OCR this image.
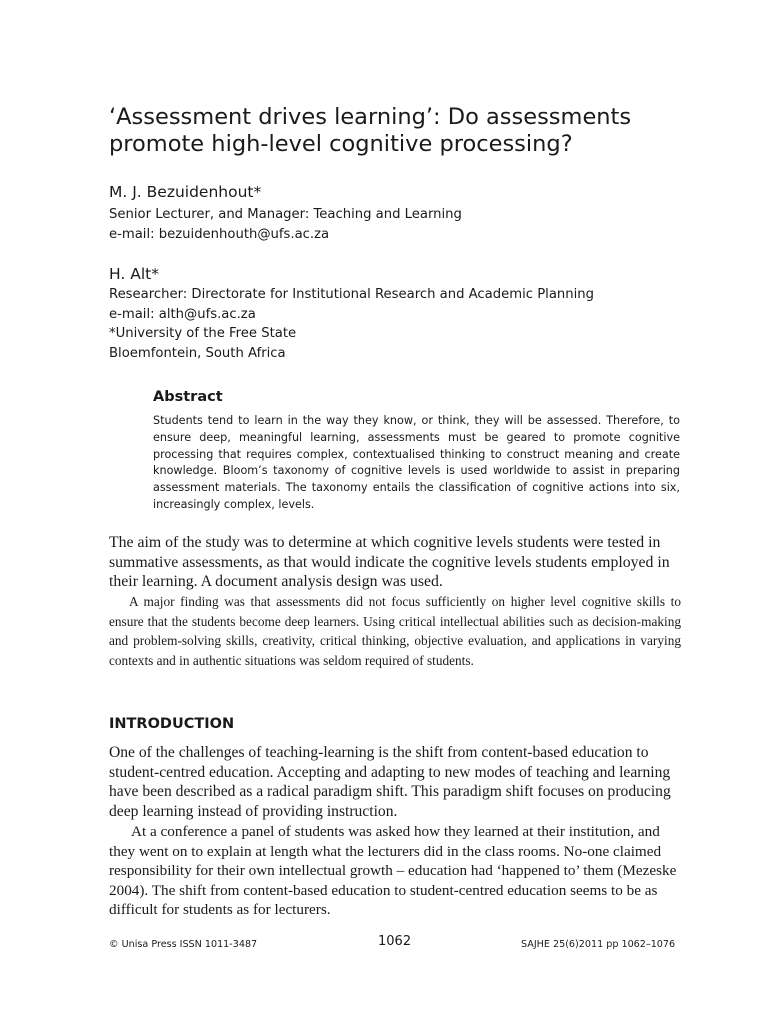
‘Assessment drives learning’: Do assessments
promote high-level cognitive processing?

M. J. Bezuidenhout*

Senior Lecturer, and Manager: Teaching and Learning
e-mail: bezuidenhouth@ufs.ac.za

H. Alt*

Researcher: Directorate for Institutional Research and Academic Planning
e-mail: alth@ufs.ac.za
*University of the Free State
Bloemfontein, South Africa
Abstract

Students tend to learn in the way they know, or think, they will be assessed. Therefore, to ensure deep, meaningful learning, assessments must be geared to promote cognitive processing that requires complex, contextualised thinking to construct meaning and create knowledge. Bloom’s taxonomy of cognitive levels is used worldwide to assist in preparing assessment materials. The taxonomy entails the classification of cognitive actions into six, increasingly complex, levels.

The aim of the study was to determine at which cognitive levels students were tested in summative assessments, as that would indicate the cognitive levels students employed in their learning. A document analysis design was used.

A major finding was that assessments did not focus sufficiently on higher level cognitive skills to ensure that the students become deep learners. Using critical intellectual abilities such as decision-making and problem-solving skills, creativity, critical thinking, objective evaluation, and applications in varying contexts and in authentic situations was seldom required of students.

INTRODUCTION

One of the challenges of teaching-learning is the shift from content-based education to student-centred education. Accepting and adapting to new modes of teaching and learning have been described as a radical paradigm shift. This paradigm shift focuses on producing deep learning instead of providing instruction.

At a conference a panel of students was asked how they learned at their institution, and they went on to explain at length what the lecturers did in the class rooms. No-one claimed responsibility for their own intellectual growth – education had ‘happened to’ them (Mezeske 2004). The shift from content-based education to student-centred education seems to be as difficult for students as for lecturers.

© Unisa Press ISSN 1011-3487	1062	SAJHE 25(6)2011 pp 1062–1076
